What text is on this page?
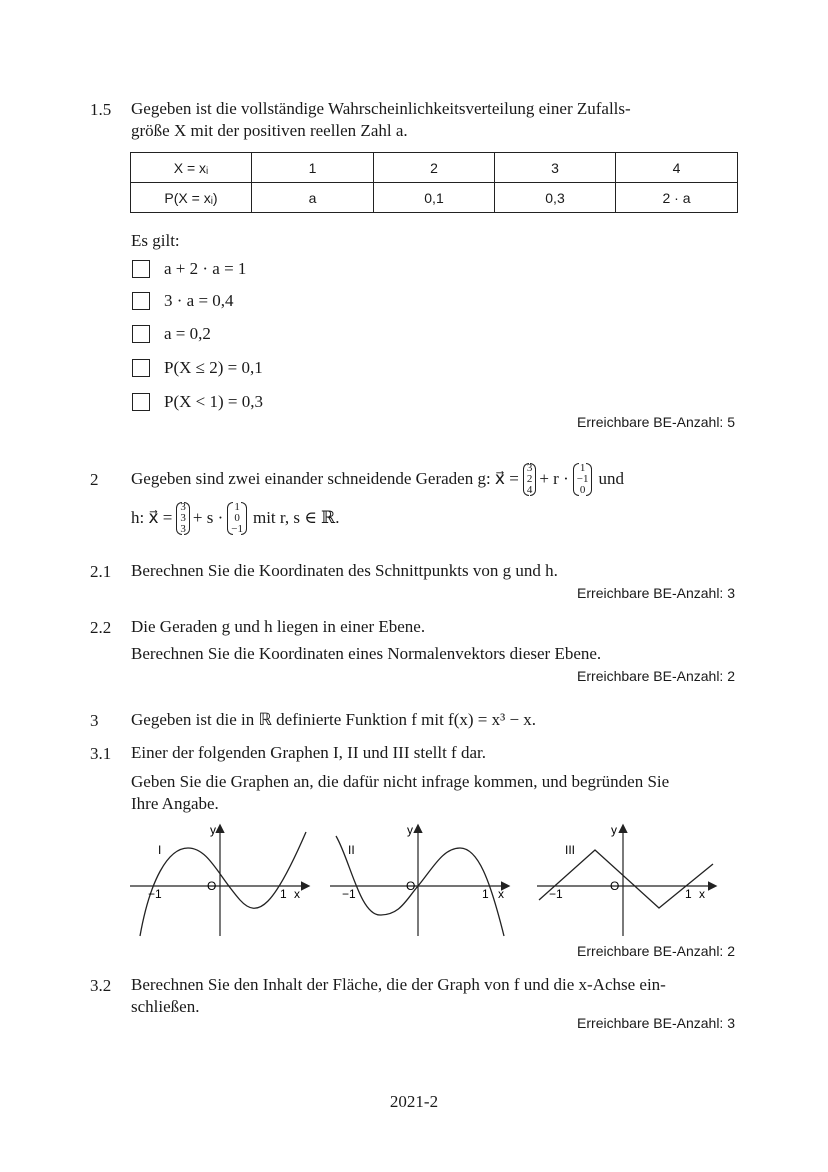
1.5 Gegeben ist die vollständige Wahrscheinlichkeitsverteilung einer Zufalls-
größe X mit der positiven reellen Zahl a.
X = xᵢ	1	2	3	4
P(X = xᵢ)	a	0,1	0,3	2 · a
Es gilt:
a + 2 · a = 1
3 · a = 0,4
a = 0,2
P(X ≤ 2) = 0,1
P(X < 1) = 0,3
Erreichbare BE-Anzahl: 5
2 Gegeben sind zwei einander schneidende Geraden g: x⃗ =
3
2
4
+ r ·
1
−1
0
und
h: x⃗ =
3
3
3
+ s ·
1
0
−1
mit r, s ∈ ℝ.
2.1 Berechnen Sie die Koordinaten des Schnittpunkts von g und h.
Erreichbare BE-Anzahl: 3
2.2 Die Geraden g und h liegen in einer Ebene.
Berechnen Sie die Koordinaten eines Normalenvektors dieser Ebene.
Erreichbare BE-Anzahl: 2
3 Gegeben ist die in ℝ definierte Funktion f mit f(x) = x³ − x.
3.1 Einer der folgenden Graphen I, II und III stellt f dar.
Geben Sie die Graphen an, die dafür nicht infrage kommen, und begründen Sie
Ihre Angabe.
I
y
−1
O
1 x
II
y
−1
O
1 x
III
y
−1
O
1 x
Erreichbare BE-Anzahl: 2
3.2 Berechnen Sie den Inhalt der Fläche, die der Graph von f und die x-Achse ein-
schließen.
Erreichbare BE-Anzahl: 3
2021-2
